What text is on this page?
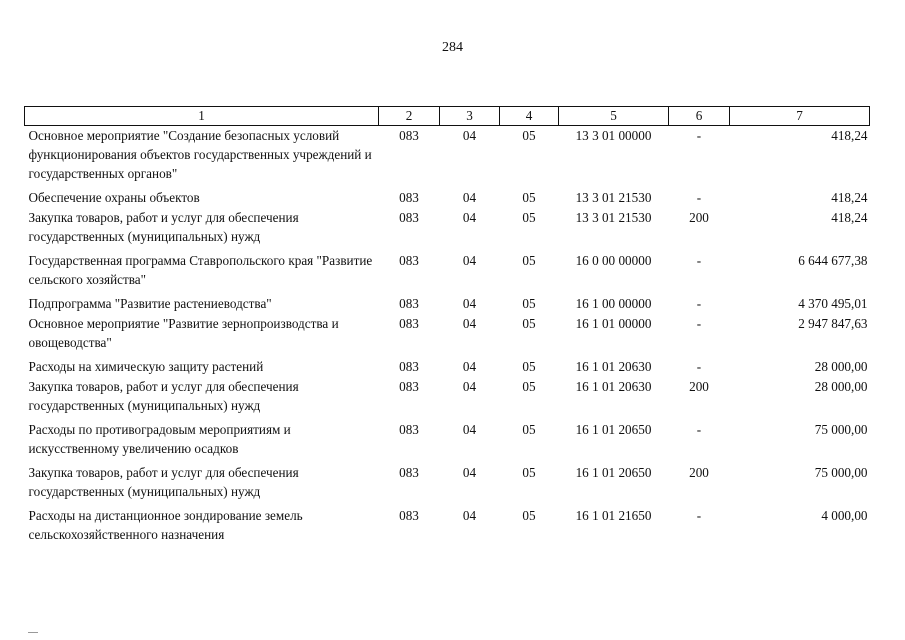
284
1	2	3	4	5	6	7
Основное мероприятие "Создание безопасных условий функционирования объектов государственных учреждений и государственных органов"	083	04	05	13 3 01 00000	-	418,24
Обеспечение охраны объектов	083	04	05	13 3 01 21530	-	418,24
Закупка товаров, работ и услуг для обеспечения государственных (муниципальных) нужд	083	04	05	13 3 01 21530	200	418,24
Государственная программа Ставропольского края "Развитие сельского хозяйства"	083	04	05	16 0 00 00000	-	6 644 677,38
Подпрограмма "Развитие растениеводства"	083	04	05	16 1 00 00000	-	4 370 495,01
Основное мероприятие "Развитие зернопроизводства и овощеводства"	083	04	05	16 1 01 00000	-	2 947 847,63
Расходы на химическую защиту растений	083	04	05	16 1 01 20630	-	28 000,00
Закупка товаров, работ и услуг для обеспечения государственных (муниципальных) нужд	083	04	05	16 1 01 20630	200	28 000,00
Расходы по противоградовым мероприятиям и искусственному увеличению осадков	083	04	05	16 1 01 20650	-	75 000,00
Закупка товаров, работ и услуг для обеспечения государственных (муниципальных) нужд	083	04	05	16 1 01 20650	200	75 000,00
Расходы на дистанционное зондирование земель сельскохозяйственного назначения	083	04	05	16 1 01 21650	-	4 000,00
